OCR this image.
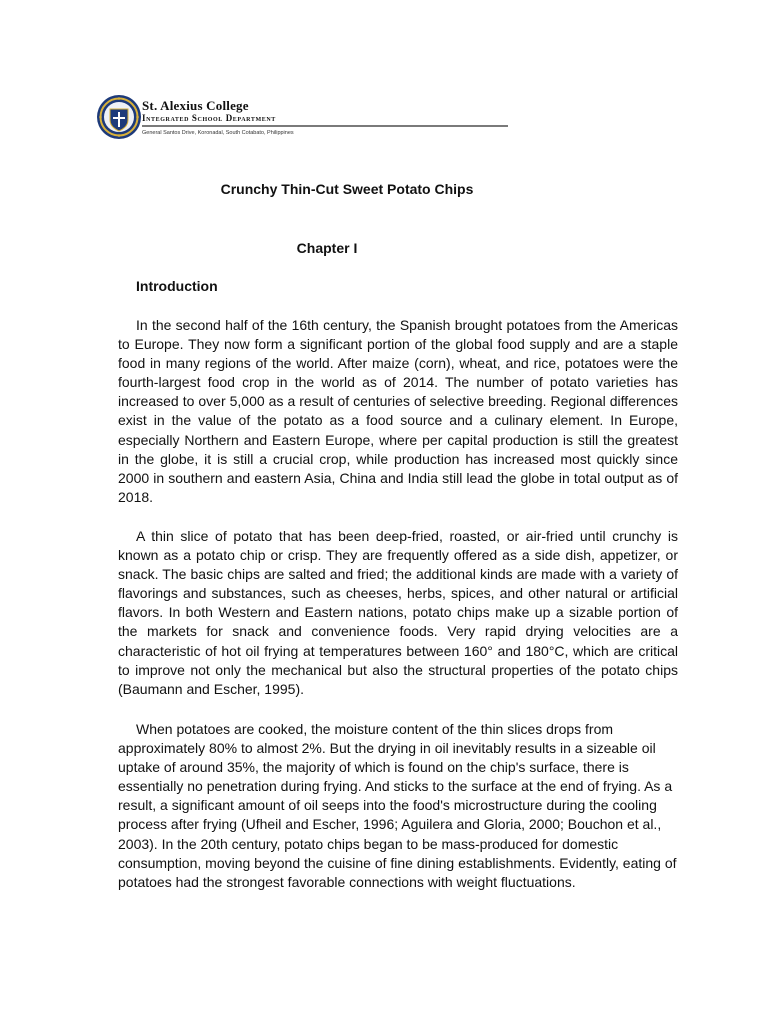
St. Alexius College
Integrated School Department
General Santos Drive, Koronadal, South Cotabato, Philippines
Crunchy Thin-Cut Sweet Potato Chips
Chapter I
Introduction

In the second half of the 16th century, the Spanish brought potatoes from the Americas to Europe. They now form a significant portion of the global food supply and are a staple food in many regions of the world. After maize (corn), wheat, and rice, potatoes were the fourth-largest food crop in the world as of 2014. The number of potato varieties has increased to over 5,000 as a result of centuries of selective breeding. Regional differences exist in the value of the potato as a food source and a culinary element. In Europe, especially Northern and Eastern Europe, where per capital production is still the greatest in the globe, it is still a crucial crop, while production has increased most quickly since 2000 in southern and eastern Asia, China and India still lead the globe in total output as of 2018.

A thin slice of potato that has been deep-fried, roasted, or air-fried until crunchy is known as a potato chip or crisp. They are frequently offered as a side dish, appetizer, or snack. The basic chips are salted and fried; the additional kinds are made with a variety of flavorings and substances, such as cheeses, herbs, spices, and other natural or artificial flavors. In both Western and Eastern nations, potato chips make up a sizable portion of the markets for snack and convenience foods. Very rapid drying velocities are a characteristic of hot oil frying at temperatures between 160° and 180°C, which are critical to improve not only the mechanical but also the structural properties of the potato chips (Baumann and Escher, 1995).

When potatoes are cooked, the moisture content of the thin slices drops from approximately 80% to almost 2%. But the drying in oil inevitably results in a sizeable oil uptake of around 35%, the majority of which is found on the chip's surface, there is essentially no penetration during frying. And sticks to the surface at the end of frying. As a result, a significant amount of oil seeps into the food's microstructure during the cooling process after frying (Ufheil and Escher, 1996; Aguilera and Gloria, 2000; Bouchon et al., 2003). In the 20th century, potato chips began to be mass-produced for domestic consumption, moving beyond the cuisine of fine dining establishments. Evidently, eating of potatoes had the strongest favorable connections with weight fluctuations.
